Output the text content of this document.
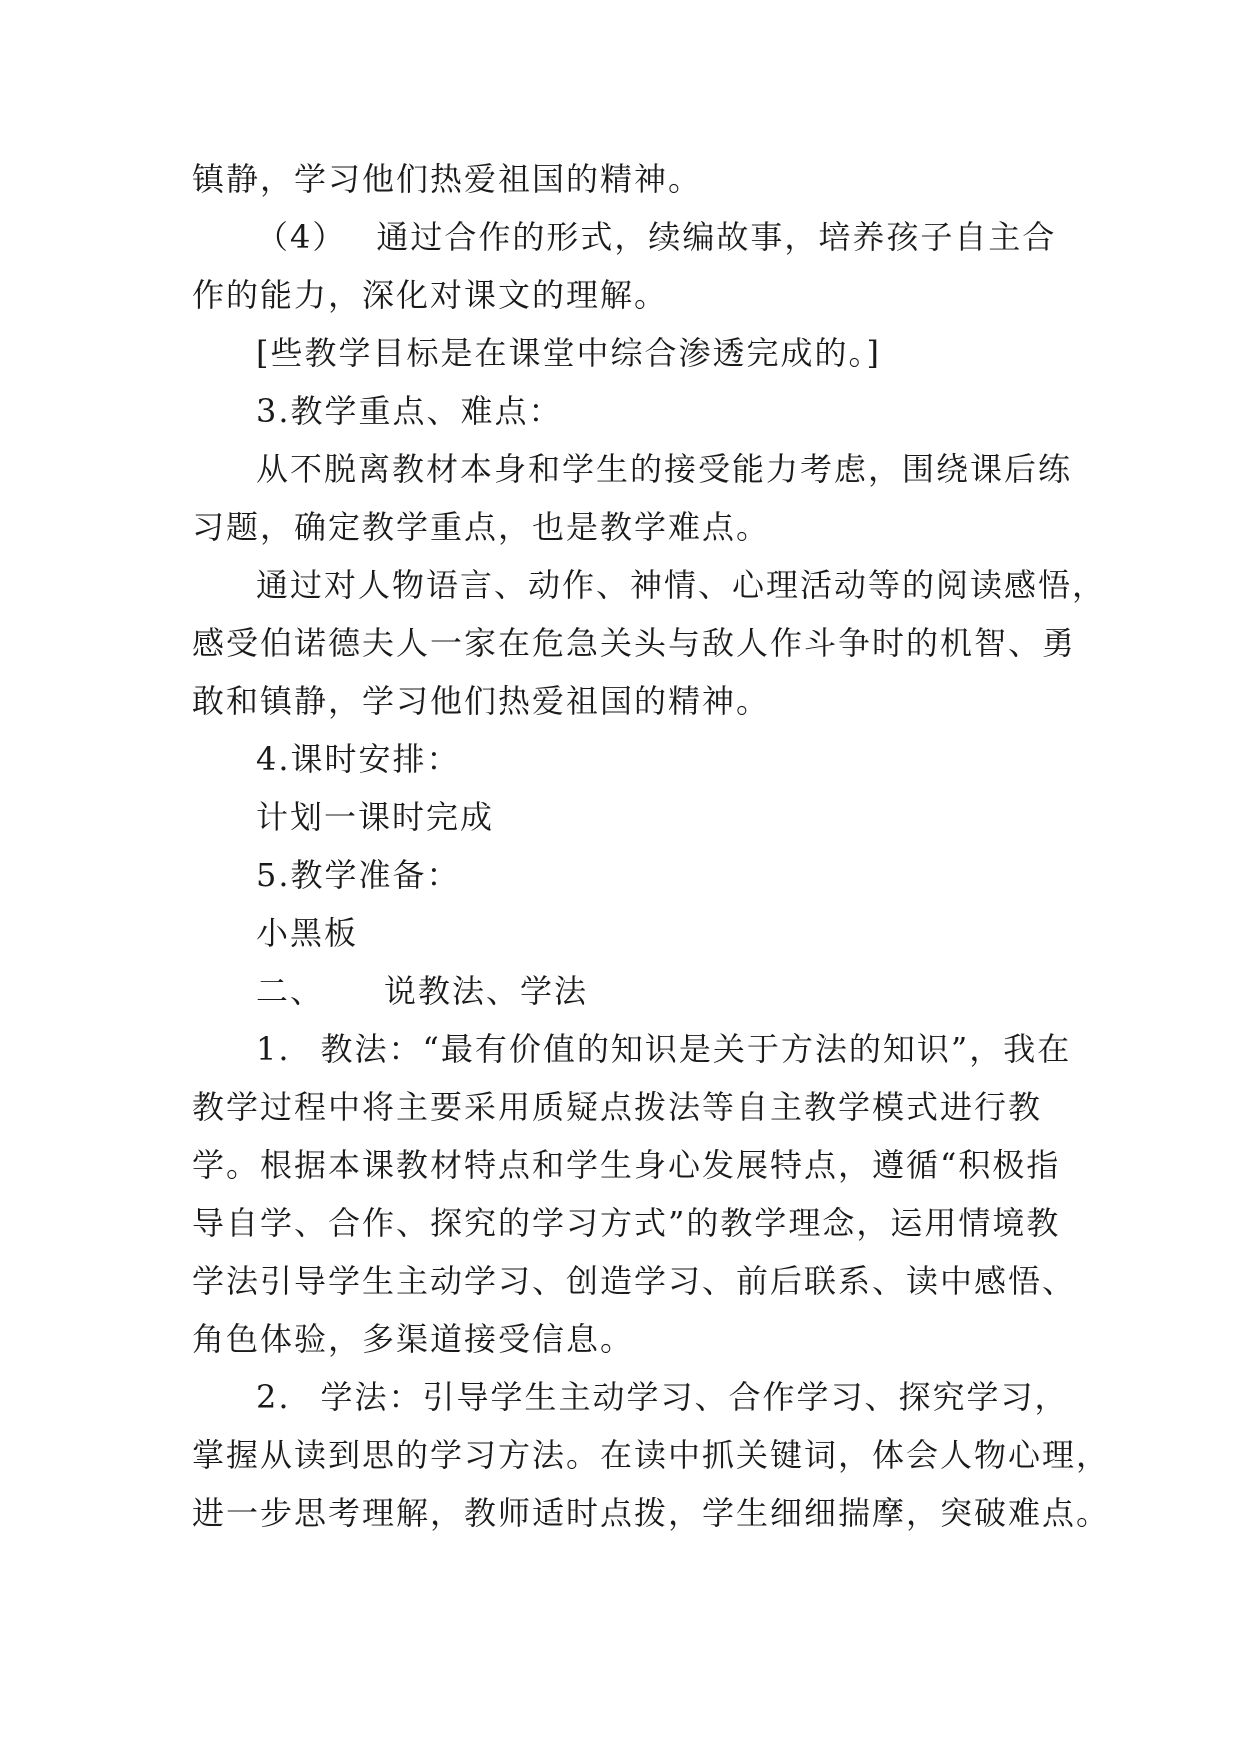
镇静，学习他们热爱祖国的精神。
（4） 通过合作的形式，续编故事，培养孩子自主合
作的能力，深化对课文的理解。
[些教学目标是在课堂中综合渗透完成的。]
3.教学重点、难点：
从不脱离教材本身和学生的接受能力考虑，围绕课后练
习题，确定教学重点，也是教学难点。
通过对人物语言、动作、神情、心理活动等的阅读感悟，
感受伯诺德夫人一家在危急关头与敌人作斗争时的机智、勇
敢和镇静，学习他们热爱祖国的精神。
4.课时安排：
计划一课时完成
5.教学准备：
小黑板
二、 说教法、学法
1. 教法：“最有价值的知识是关于方法的知识”，我在
教学过程中将主要采用质疑点拨法等自主教学模式进行教
学。根据本课教材特点和学生身心发展特点，遵循“积极指
导自学、合作、探究的学习方式”的教学理念，运用情境教
学法引导学生主动学习、创造学习、前后联系、读中感悟、
角色体验，多渠道接受信息。
2. 学法：引导学生主动学习、合作学习、探究学习，
掌握从读到思的学习方法。在读中抓关键词，体会人物心理，
进一步思考理解，教师适时点拨，学生细细揣摩，突破难点。
